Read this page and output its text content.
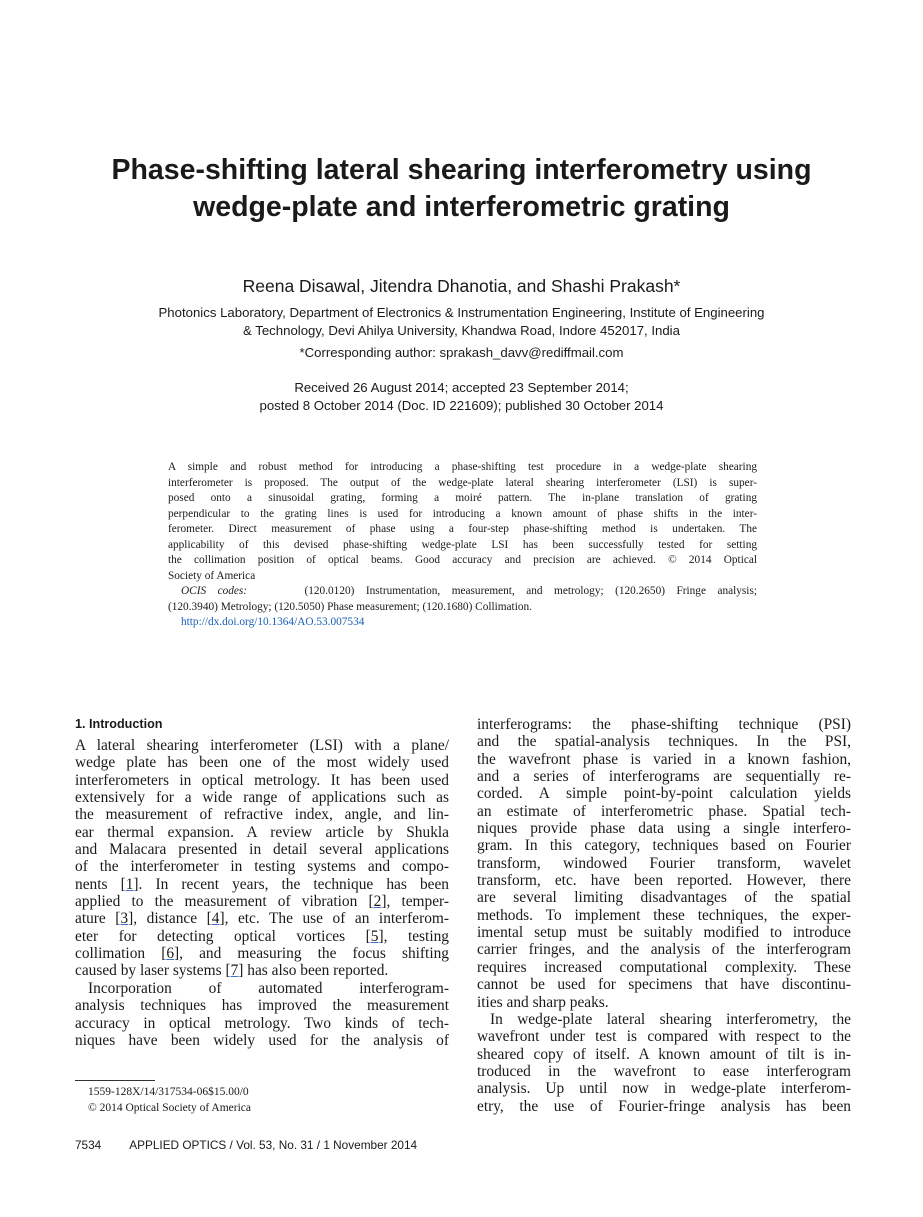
Phase-shifting lateral shearing interferometry using
wedge-plate and interferometric grating
Reena Disawal, Jitendra Dhanotia, and Shashi Prakash*
Photonics Laboratory, Department of Electronics & Instrumentation Engineering, Institute of Engineering
& Technology, Devi Ahilya University, Khandwa Road, Indore 452017, India
*Corresponding author: sprakash_davv@rediffmail.com
Received 26 August 2014; accepted 23 September 2014;
posted 8 October 2014 (Doc. ID 221609); published 30 October 2014
A simple and robust method for introducing a phase-shifting test procedure in a wedge-plate shearing
interferometer is proposed. The output of the wedge-plate lateral shearing interferometer (LSI) is super-
posed onto a sinusoidal grating, forming a moiré pattern. The in-plane translation of grating
perpendicular to the grating lines is used for introducing a known amount of phase shifts in the inter-
ferometer. Direct measurement of phase using a four-step phase-shifting method is undertaken. The
applicability of this devised phase-shifting wedge-plate LSI has been successfully tested for setting
the collimation position of optical beams. Good accuracy and precision are achieved. © 2014 Optical
Society of America
OCIS codes:	(120.0120) Instrumentation, measurement, and metrology; (120.2650) Fringe analysis;
(120.3940) Metrology; (120.5050) Phase measurement; (120.1680) Collimation.
http://dx.doi.org/10.1364/AO.53.007534
1. Introduction
A lateral shearing interferometer (LSI) with a plane/
wedge plate has been one of the most widely used
interferometers in optical metrology. It has been used
extensively for a wide range of applications such as
the measurement of refractive index, angle, and lin-
ear thermal expansion. A review article by Shukla
and Malacara presented in detail several applications
of the interferometer in testing systems and compo-
nents [1]. In recent years, the technique has been
applied to the measurement of vibration [2], temper-
ature [3], distance [4], etc. The use of an interferom-
eter for detecting optical vortices [5], testing
collimation [6], and measuring the focus shifting
caused by laser systems [7] has also been reported.
Incorporation of automated interferogram-
analysis techniques has improved the measurement
accuracy in optical metrology. Two kinds of tech-
niques have been widely used for the analysis of
interferograms: the phase-shifting technique (PSI)
and the spatial-analysis techniques. In the PSI,
the wavefront phase is varied in a known fashion,
and a series of interferograms are sequentially re-
corded. A simple point-by-point calculation yields
an estimate of interferometric phase. Spatial tech-
niques provide phase data using a single interfero-
gram. In this category, techniques based on Fourier
transform, windowed Fourier transform, wavelet
transform, etc. have been reported. However, there
are several limiting disadvantages of the spatial
methods. To implement these techniques, the exper-
imental setup must be suitably modified to introduce
carrier fringes, and the analysis of the interferogram
requires increased computational complexity. These
cannot be used for specimens that have discontinu-
ities and sharp peaks.
In wedge-plate lateral shearing interferometry, the
wavefront under test is compared with respect to the
sheared copy of itself. A known amount of tilt is in-
troduced in the wavefront to ease interferogram
analysis. Up until now in wedge-plate interferom-
etry, the use of Fourier-fringe analysis has been
1559-128X/14/317534-06$15.00/0
© 2014 Optical Society of America
7534 APPLIED OPTICS / Vol. 53, No. 31 / 1 November 2014
